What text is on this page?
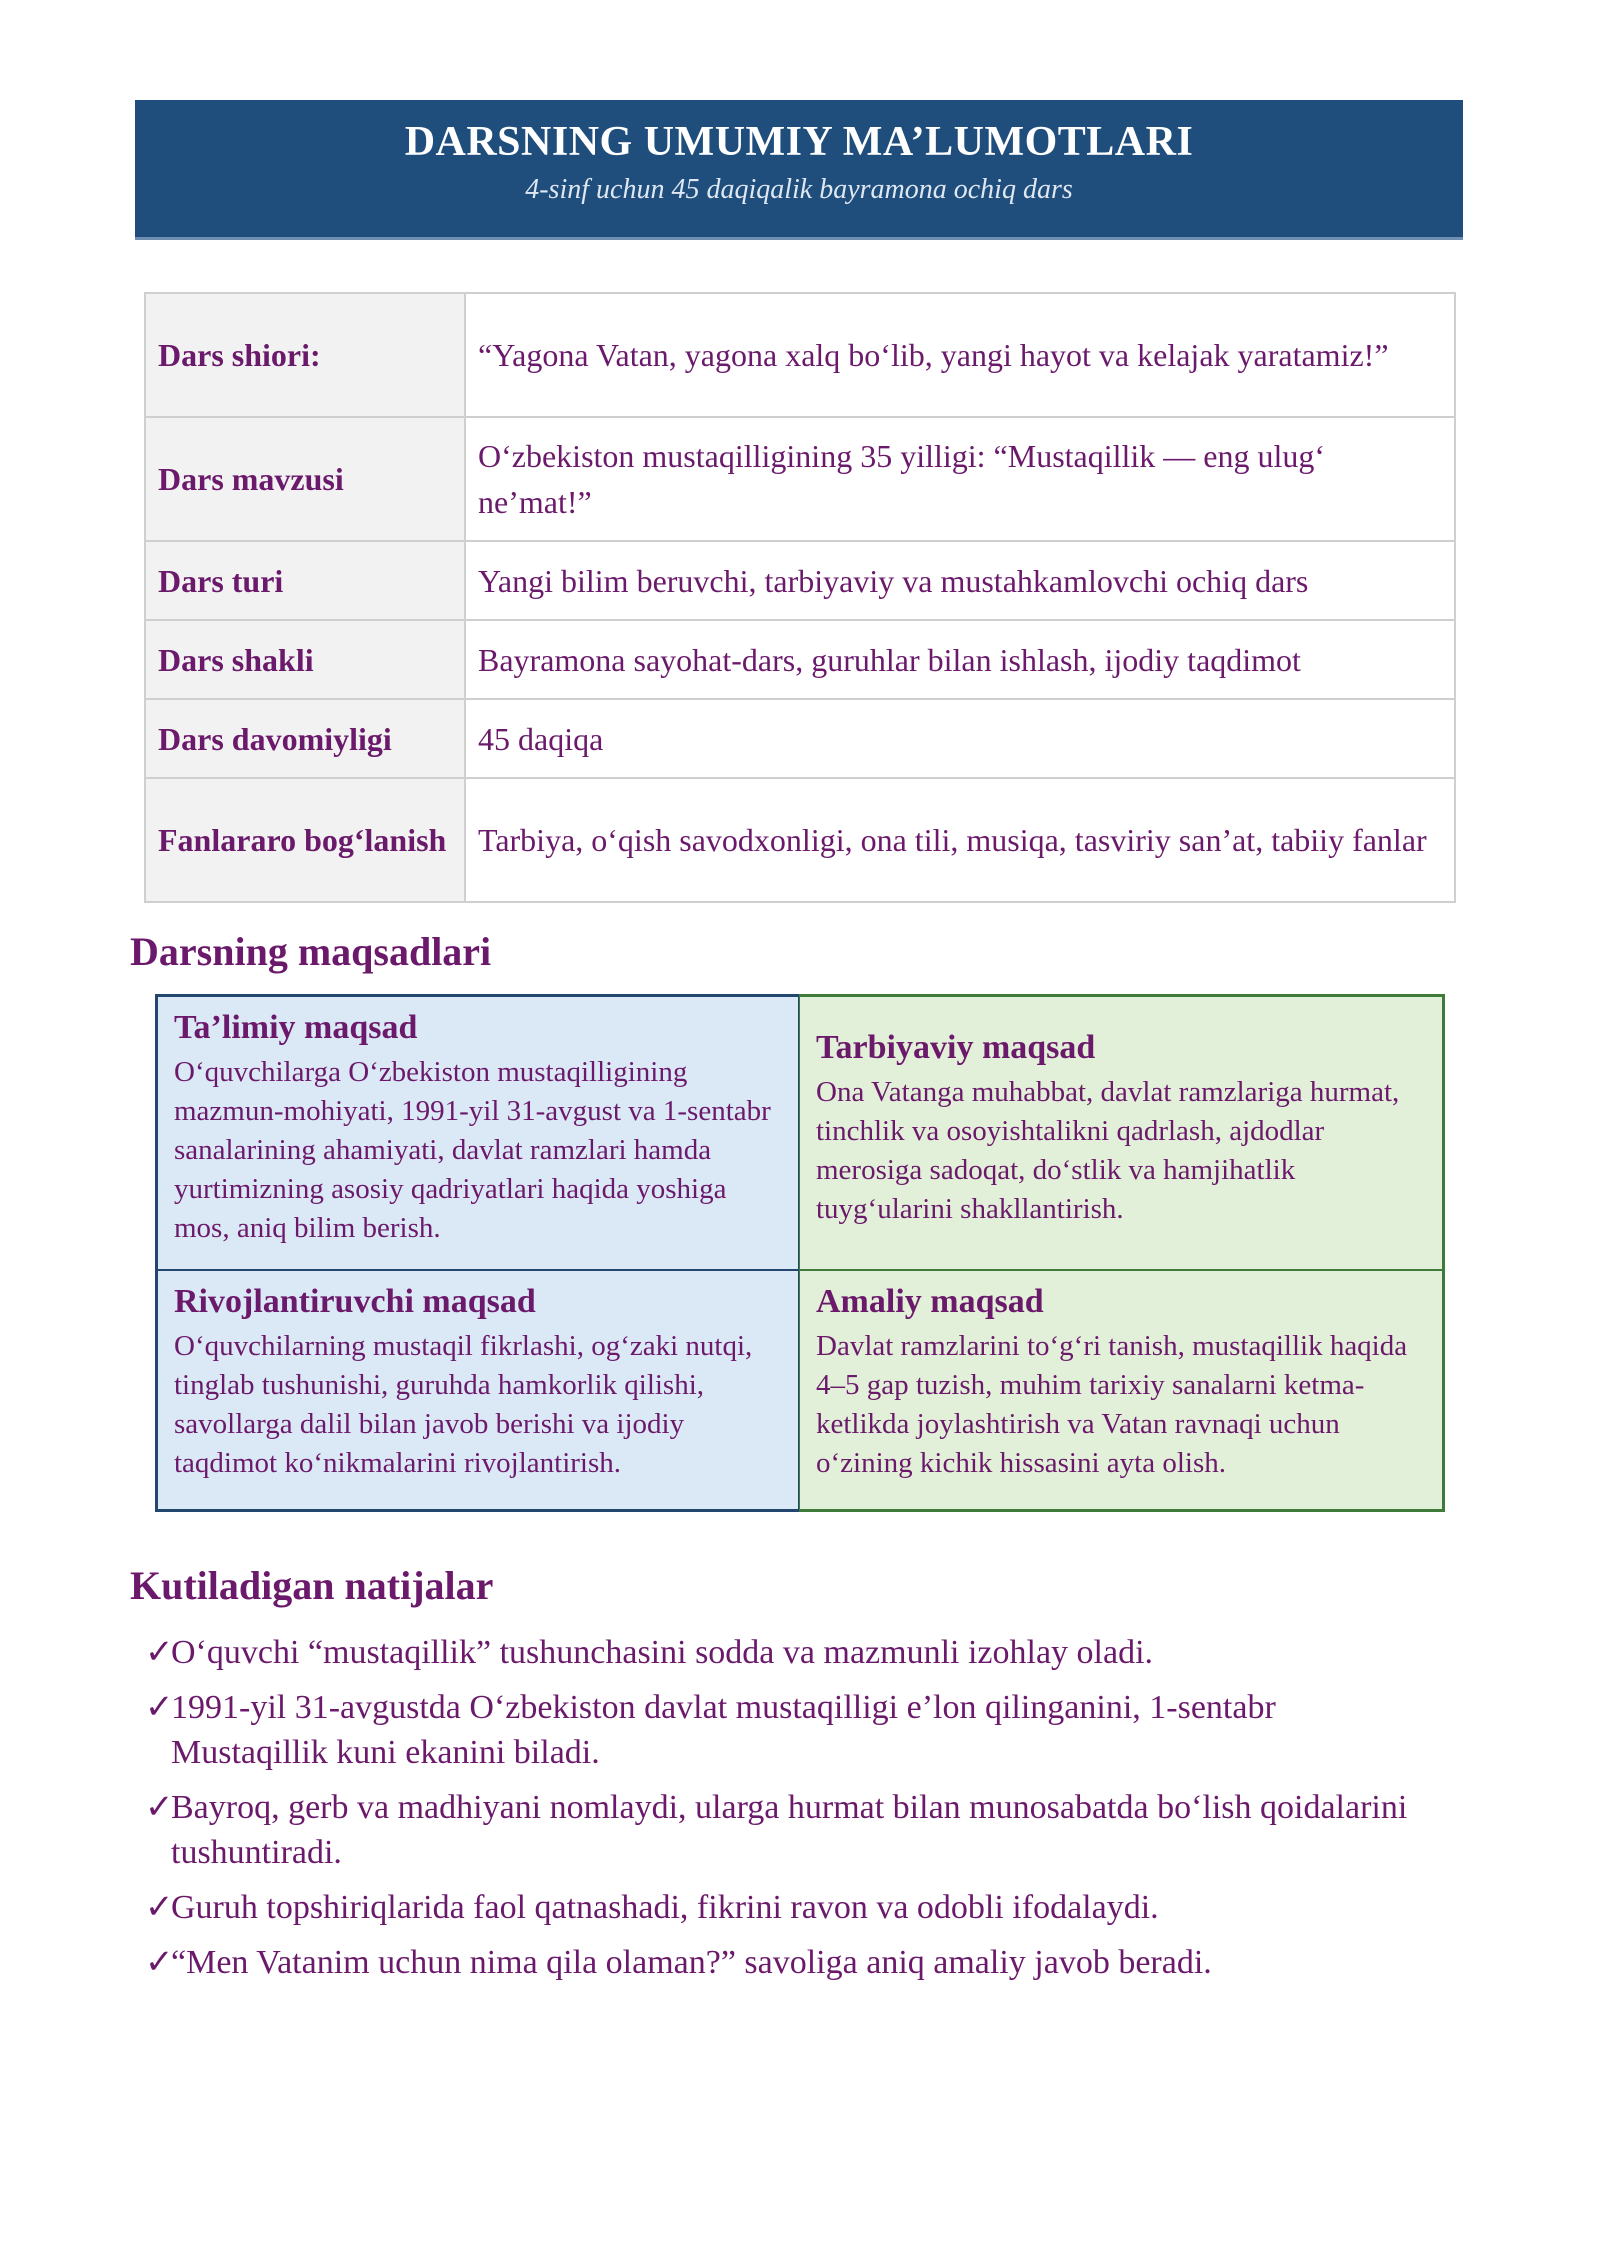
DARSNING UMUMIY MA’LUMOTLARI
4-sinf uchun 45 daqiqalik bayramona ochiq dars
Dars shiori:	“Yagona Vatan, yagona xalq bo‘lib, yangi hayot va kelajak yaratamiz!”
Dars mavzusi	O‘zbekiston mustaqilligining 35 yilligi: “Mustaqillik — eng ulug‘ ne’mat!”
Dars turi	Yangi bilim beruvchi, tarbiyaviy va mustahkamlovchi ochiq dars
Dars shakli	Bayramona sayohat-dars, guruhlar bilan ishlash, ijodiy taqdimot
Dars davomiyligi	45 daqiqa
Fanlararo bog‘lanish	Tarbiya, o‘qish savodxonligi, ona tili, musiqa, tasviriy san’at, tabiiy fanlar
Darsning maqsadlari
Ta’limiy maqsad
O‘quvchilarga O‘zbekiston mustaqilligining mazmun-mohiyati, 1991-yil 31-avgust va 1-sentabr sanalarining ahamiyati, davlat ramzlari hamda yurtimizning asosiy qadriyatlari haqida yoshiga mos, aniq bilim berish.
Tarbiyaviy maqsad
Ona Vatanga muhabbat, davlat ramzlariga hurmat, tinchlik va osoyishtalikni qadrlash, ajdodlar merosiga sadoqat, do‘stlik va hamjihatlik tuyg‘ularini shakllantirish.
Rivojlantiruvchi maqsad
O‘quvchilarning mustaqil fikrlashi, og‘zaki nutqi, tinglab tushunishi, guruhda hamkorlik qilishi, savollarga dalil bilan javob berishi va ijodiy taqdimot ko‘nikmalarini rivojlantirish.
Amaliy maqsad
Davlat ramzlarini to‘g‘ri tanish, mustaqillik haqida 4–5 gap tuzish, muhim tarixiy sanalarni ketma-ketlikda joylashtirish va Vatan ravnaqi uchun o‘zining kichik hissasini ayta olish.
Kutiladigan natijalar
✓O‘quvchi “mustaqillik” tushunchasini sodda va mazmunli izohlay oladi.
✓1991-yil 31-avgustda O‘zbekiston davlat mustaqilligi e’lon qilinganini, 1-sentabr Mustaqillik kuni ekanini biladi.
✓Bayroq, gerb va madhiyani nomlaydi, ularga hurmat bilan munosabatda bo‘lish qoidalarini tushuntiradi.
✓Guruh topshiriqlarida faol qatnashadi, fikrini ravon va odobli ifodalaydi.
✓“Men Vatanim uchun nima qila olaman?” savoliga aniq amaliy javob beradi.
